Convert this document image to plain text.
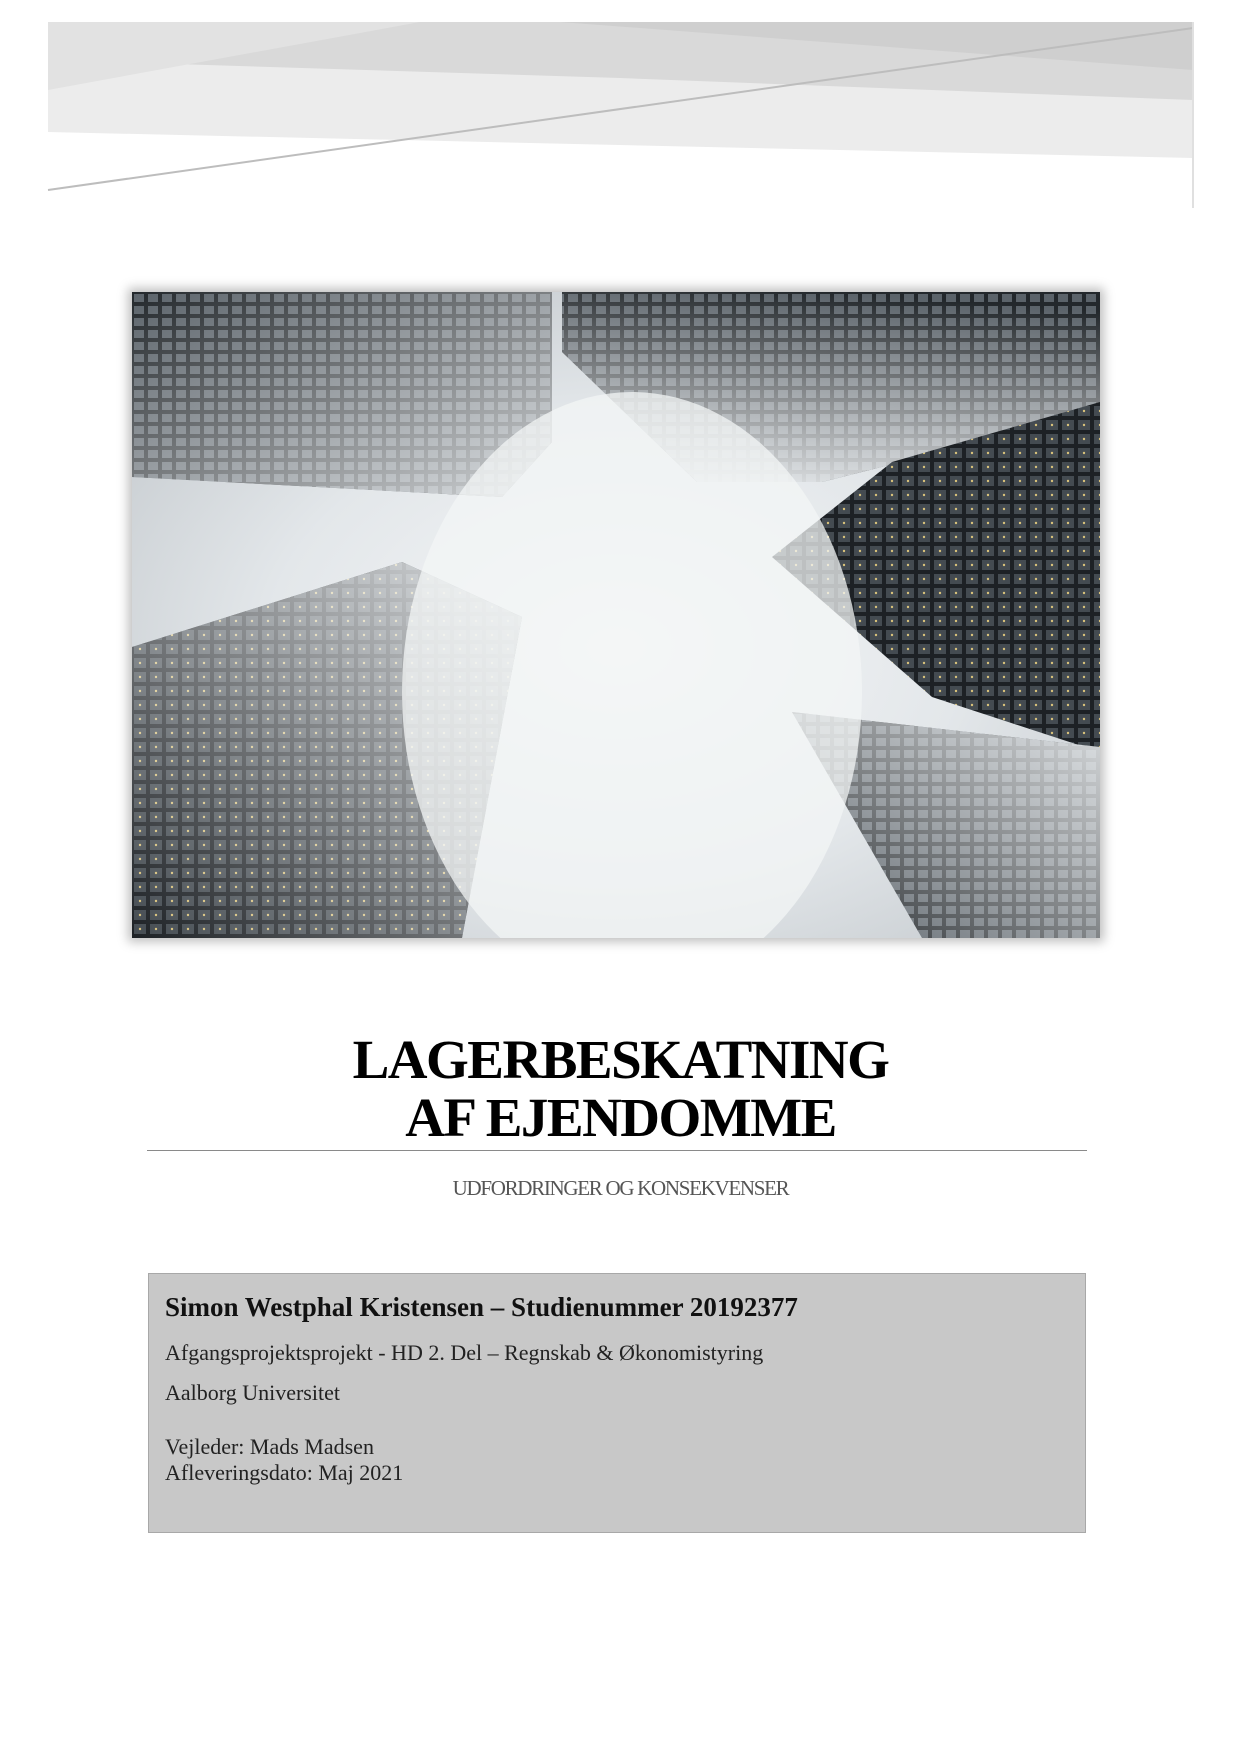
LAGERBESKATNING
AF EJENDOMME
UDFORDRINGER OG KONSEKVENSER
Simon Westphal Kristensen – Studienummer 20192377
Afgangsprojektsprojekt - HD 2. Del – Regnskab & Økonomistyring
Aalborg Universitet
Vejleder: Mads Madsen
Afleveringsdato: Maj 2021
